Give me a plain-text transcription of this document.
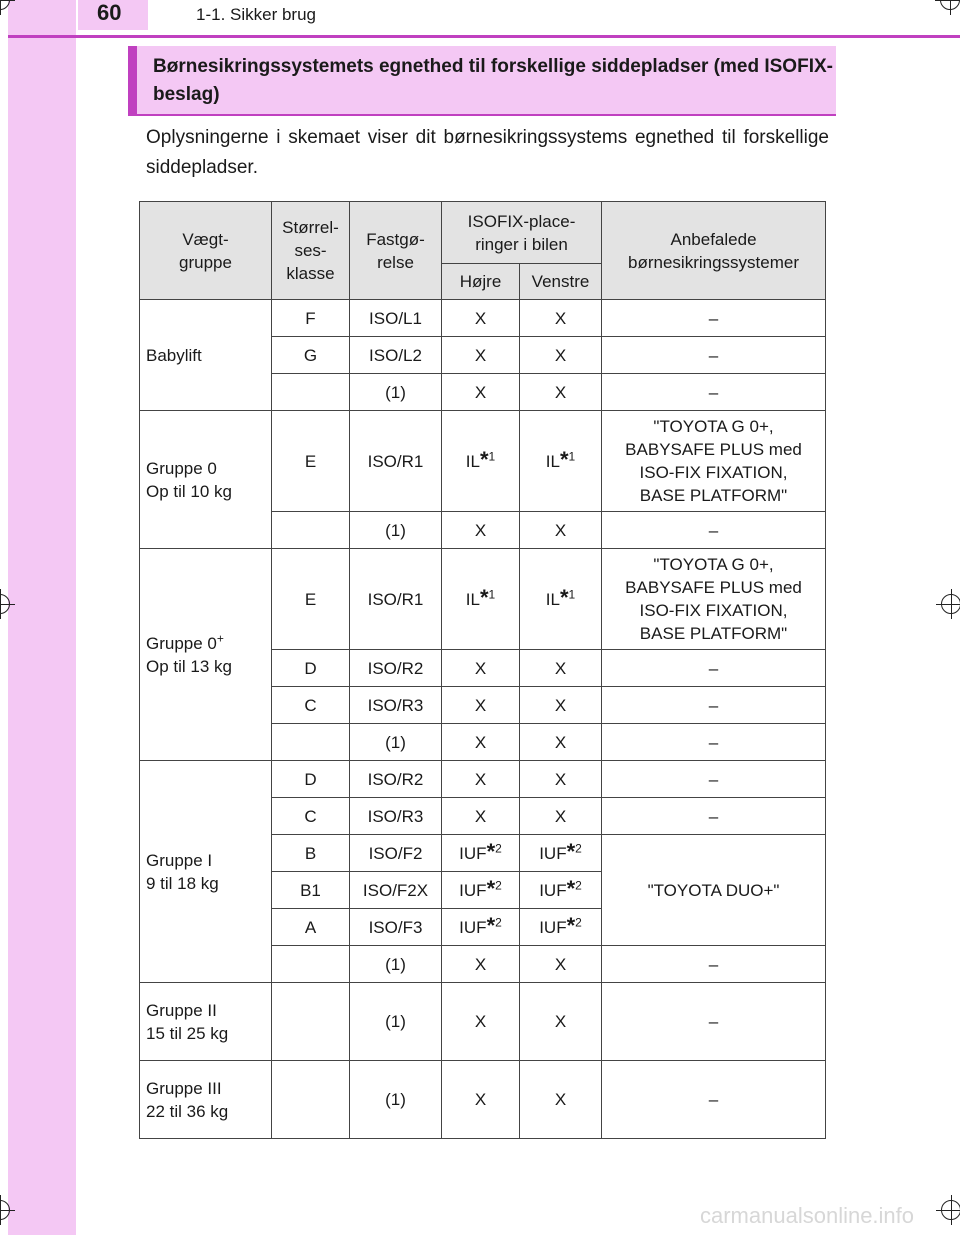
60	1-1. Sikker brug
Børnesikringssystemets egnethed til forskellige siddepladser (med ISOFIX-beslag)
Oplysningerne i skemaet viser dit børnesikringssystems egnethed til forskellige siddepladser.
Vægt-
gruppe	Størrel-
ses-
klasse	Fastgø-
relse	ISOFIX-place-
ringer i bilen		Anbefalede
børnesikringssystemer
			Højre	Venstre	
Babylift	F	ISO/L1	X	X	–
	G	ISO/L2	X	X	–
		(1)	X	X	–
Gruppe 0
Op til 10 kg	E	ISO/R1	IL*$^1$	IL*$^1$	"TOYOTA G 0+,
BABYSAFE PLUS med
ISO-FIX FIXATION,
BASE PLATFORM"
		(1)	X	X	–
Gruppe 0+
Op til 13 kg	E	ISO/R1	IL*$^1$	IL*$^1$	"TOYOTA G 0+,
BABYSAFE PLUS med
ISO-FIX FIXATION,
BASE PLATFORM"
	D	ISO/R2	X	X	–
	C	ISO/R3	X	X	–
		(1)	X	X	–
Gruppe I
9 til 18 kg	D	ISO/R2	X	X	–
	C	ISO/R3	X	X	–
	B	ISO/F2	IUF*$^2$	IUF*$^2$	"TOYOTA DUO+"
	B1	ISO/F2X	IUF*$^2$	IUF*$^2$
	A	ISO/F3	IUF*$^2$	IUF*$^2$
		(1)	X	X	–
Gruppe II
15 til 25 kg		(1)	X	X	–
Gruppe III
22 til 36 kg		(1)	X	X	–
carmanualsonline.info
